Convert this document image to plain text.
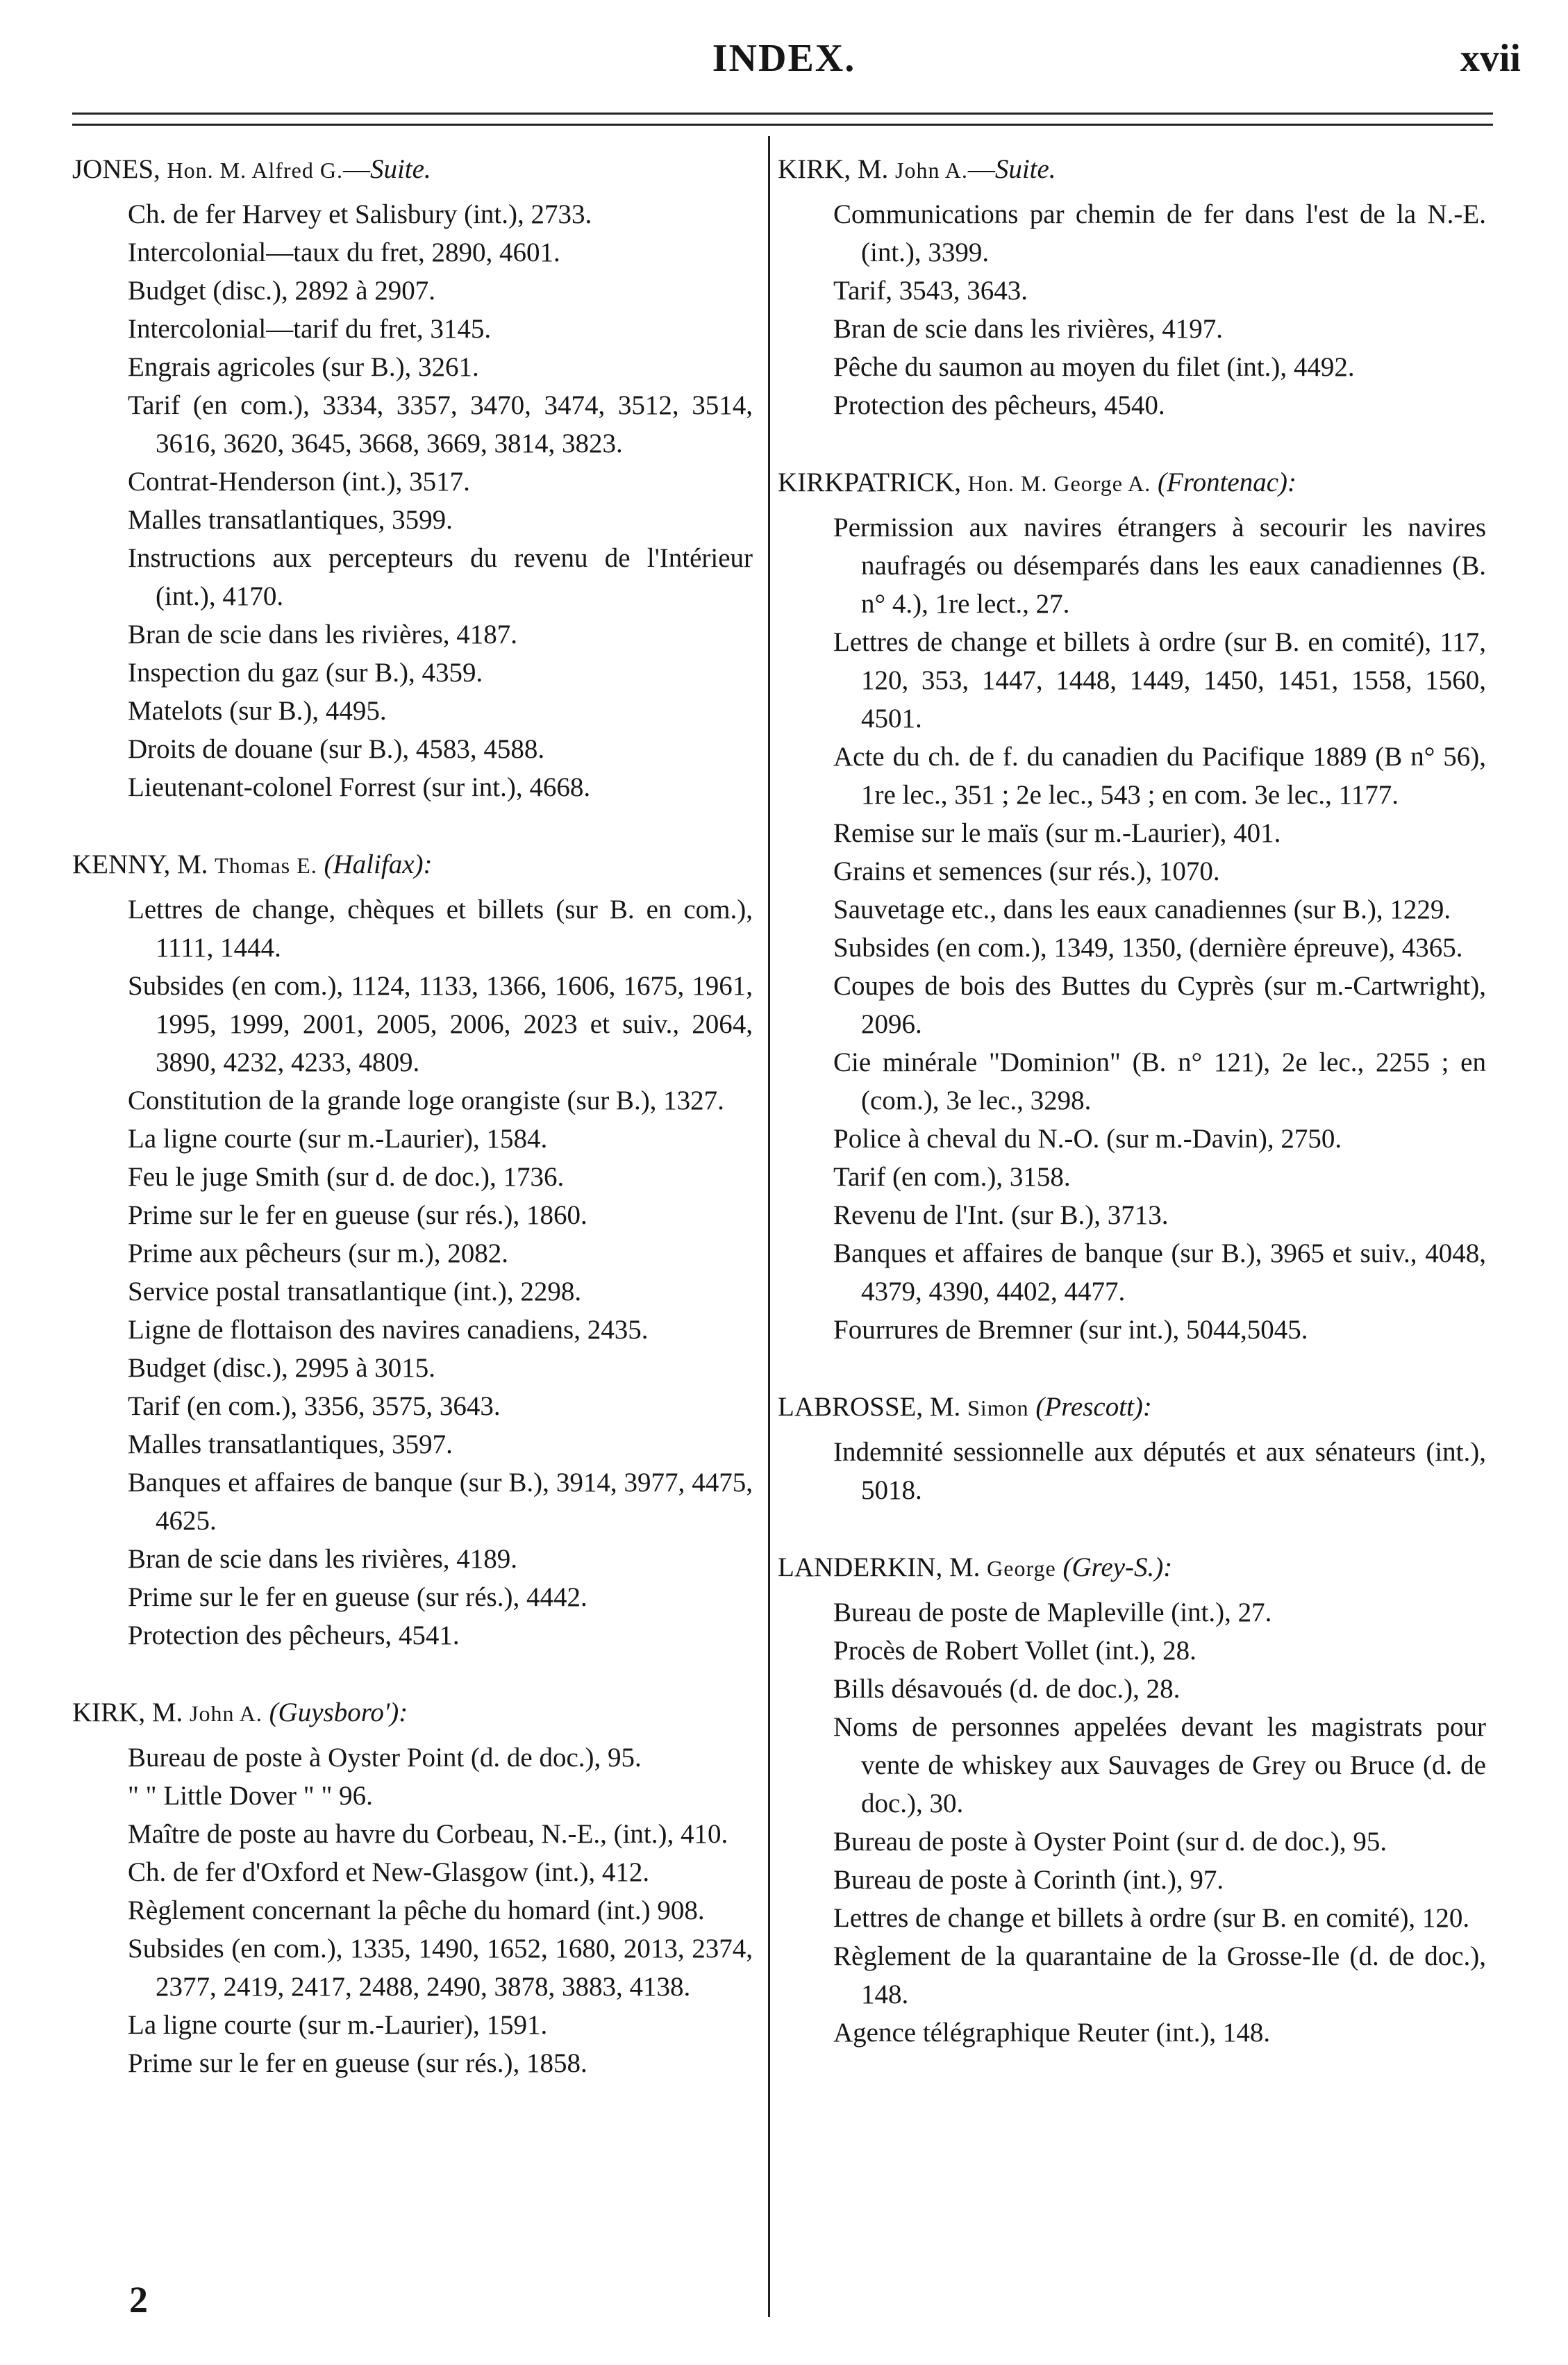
INDEX.	xvii
JONES, Hon. M. Alfred G.—Suite.
Ch. de fer Harvey et Salisbury (int.), 2733.
Intercolonial—taux du fret, 2890, 4601.
Budget (disc.), 2892 à 2907.
Intercolonial—tarif du fret, 3145.
Engrais agricoles (sur B.), 3261.
Tarif (en com.), 3334, 3357, 3470, 3474, 3512, 3514, 3616, 3620, 3645, 3668, 3669, 3814, 3823.
Contrat-Henderson (int.), 3517.
Malles transatlantiques, 3599.
Instructions aux percepteurs du revenu de l'Intérieur (int.), 4170.
Bran de scie dans les rivières, 4187.
Inspection du gaz (sur B.), 4359.
Matelots (sur B.), 4495.
Droits de douane (sur B.), 4583, 4588.
Lieutenant-colonel Forrest (sur int.), 4668.
KENNY, M. Thomas E. (Halifax):
Lettres de change, chèques et billets (sur B. en com.), 1111, 1444.
Subsides (en com.), 1124, 1133, 1366, 1606, 1675, 1961, 1995, 1999, 2001, 2005, 2006, 2023 et suiv., 2064, 3890, 4232, 4233, 4809.
Constitution de la grande loge orangiste (sur B.), 1327.
La ligne courte (sur m.-Laurier), 1584.
Feu le juge Smith (sur d. de doc.), 1736.
Prime sur le fer en gueuse (sur rés.), 1860.
Prime aux pêcheurs (sur m.), 2082.
Service postal transatlantique (int.), 2298.
Ligne de flottaison des navires canadiens, 2435.
Budget (disc.), 2995 à 3015.
Tarif (en com.), 3356, 3575, 3643.
Malles transatlantiques, 3597.
Banques et affaires de banque (sur B.), 3914, 3977, 4475, 4625.
Bran de scie dans les rivières, 4189.
Prime sur le fer en gueuse (sur rés.), 4442.
Protection des pêcheurs, 4541.
KIRK, M. John A. (Guysboro'):
Bureau de poste à Oyster Point (d. de doc.), 95.
" " Little Dover " " 96.
Maître de poste au havre du Corbeau, N.-E., (int.), 410.
Ch. de fer d'Oxford et New-Glasgow (int.), 412.
Règlement concernant la pêche du homard (int.) 908.
Subsides (en com.), 1335, 1490, 1652, 1680, 2013, 2374, 2377, 2419, 2417, 2488, 2490, 3878, 3883, 4138.
La ligne courte (sur m.-Laurier), 1591.
Prime sur le fer en gueuse (sur rés.), 1858.
KIRK, M. John A.—Suite.
Communications par chemin de fer dans l'est de la N.-E. (int.), 3399.
Tarif, 3543, 3643.
Bran de scie dans les rivières, 4197.
Pêche du saumon au moyen du filet (int.), 4492.
Protection des pêcheurs, 4540.
KIRKPATRICK, Hon. M. George A. (Frontenac):
Permission aux navires étrangers à secourir les navires naufragés ou désemparés dans les eaux canadiennes (B. n° 4.), 1re lect., 27.
Lettres de change et billets à ordre (sur B. en comité), 117, 120, 353, 1447, 1448, 1449, 1450, 1451, 1558, 1560, 4501.
Acte du ch. de f. du canadien du Pacifique 1889 (B n° 56), 1re lec., 351 ; 2e lec., 543 ; en com. 3e lec., 1177.
Remise sur le maïs (sur m.-Laurier), 401.
Grains et semences (sur rés.), 1070.
Sauvetage etc., dans les eaux canadiennes (sur B.), 1229.
Subsides (en com.), 1349, 1350, (dernière épreuve), 4365.
Coupes de bois des Buttes du Cyprès (sur m.-Cartwright), 2096.
Cie minérale "Dominion" (B. n° 121), 2e lec., 2255 ; en (com.), 3e lec., 3298.
Police à cheval du N.-O. (sur m.-Davin), 2750.
Tarif (en com.), 3158.
Revenu de l'Int. (sur B.), 3713.
Banques et affaires de banque (sur B.), 3965 et suiv., 4048, 4379, 4390, 4402, 4477.
Fourrures de Bremner (sur int.), 5044,5045.
LABROSSE, M. Simon (Prescott):
Indemnité sessionnelle aux députés et aux sénateurs (int.), 5018.
LANDERKIN, M. George (Grey-S.):
Bureau de poste de Mapleville (int.), 27.
Procès de Robert Vollet (int.), 28.
Bills désavoués (d. de doc.), 28.
Noms de personnes appelées devant les magistrats pour vente de whiskey aux Sauvages de Grey ou Bruce (d. de doc.), 30.
Bureau de poste à Oyster Point (sur d. de doc.), 95.
Bureau de poste à Corinth (int.), 97.
Lettres de change et billets à ordre (sur B. en comité), 120.
Règlement de la quarantaine de la Grosse-Ile (d. de doc.), 148.
Agence télégraphique Reuter (int.), 148.
2
